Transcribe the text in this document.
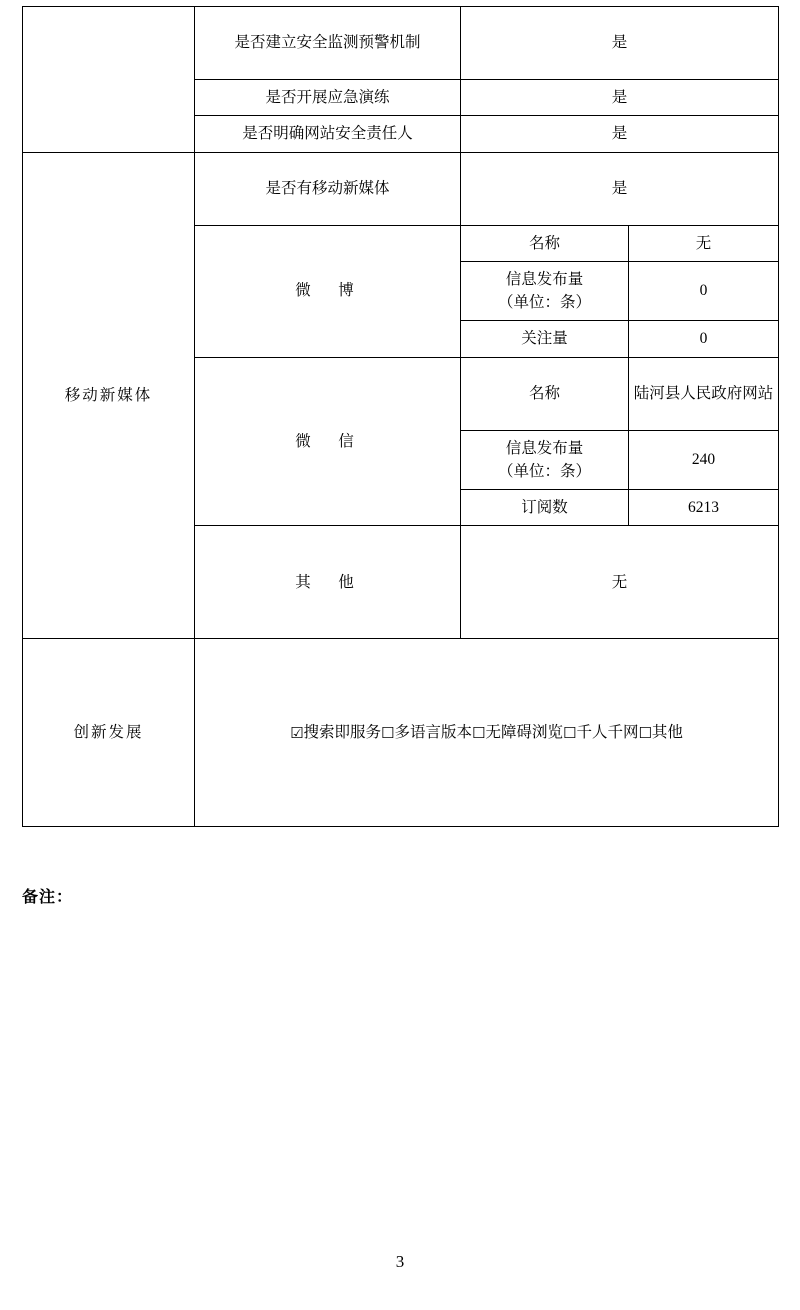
	是否建立安全监测预警机制	是	
	是否开展应急演练	是	
	是否明确网站安全责任人	是	
移动新媒体	是否有移动新媒体	是	
	微　博	名称	无

		信息发布量
（单位：条）	0
		关注量	0
	微　信	名称	陆河县人民政府网站

		信息发布量
（单位：条）	240
		订阅数	6213
	其　他	无	
创新发展	☑搜索即服务☐多语言版本☐无障碍浏览☐千人千网☐其他		
备注：
3
